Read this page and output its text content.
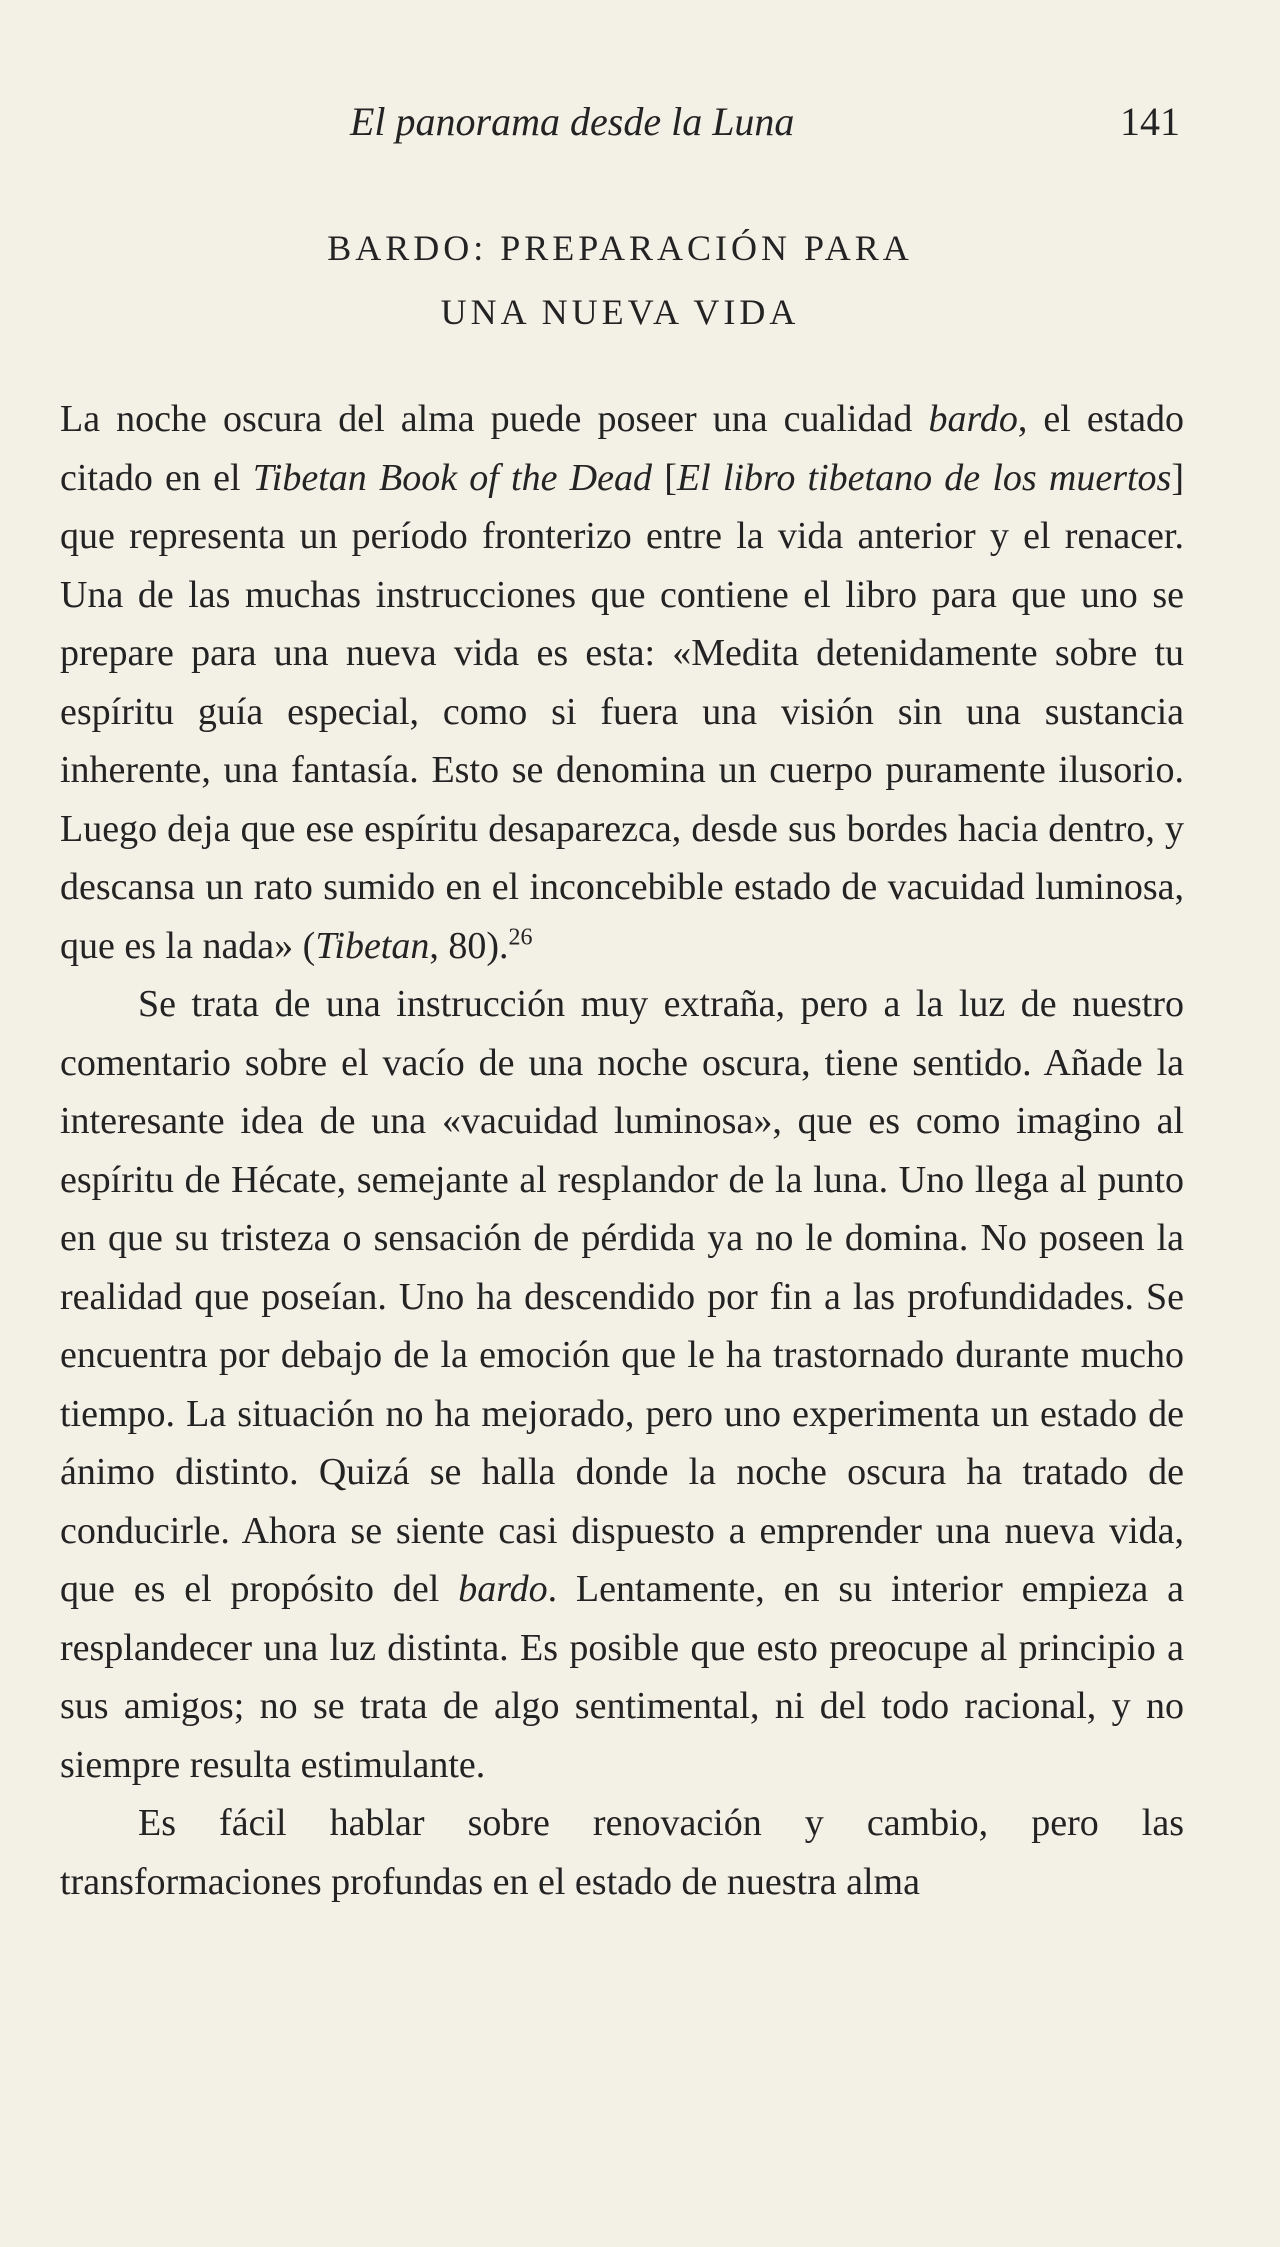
El panorama desde la Luna	141
BARDO: PREPARACIÓN PARA
UNA NUEVA VIDA

La noche oscura del alma puede poseer una cualidad bardo, el estado citado en el Tibetan Book of the Dead [El libro tibetano de los muertos] que representa un período fronterizo entre la vida anterior y el renacer. Una de las muchas instrucciones que contiene el libro para que uno se prepare para una nueva vida es esta: «Medita detenidamente sobre tu espíritu guía especial, como si fuera una visión sin una sustancia inherente, una fantasía. Esto se denomina un cuerpo puramente ilusorio. Luego deja que ese espíritu desaparezca, desde sus bordes hacia dentro, y descansa un rato sumido en el inconcebible estado de vacuidad luminosa, que es la nada» (Tibetan, 80).$^{26}$

Se trata de una instrucción muy extraña, pero a la luz de nuestro comentario sobre el vacío de una noche oscura, tiene sentido. Añade la interesante idea de una «vacuidad luminosa», que es como imagino al espíritu de Hécate, semejante al resplandor de la luna. Uno llega al punto en que su tristeza o sensación de pérdida ya no le domina. No poseen la realidad que poseían. Uno ha descendido por fin a las profundidades. Se encuentra por debajo de la emoción que le ha trastornado durante mucho tiempo. La situación no ha mejorado, pero uno experimenta un estado de ánimo distinto. Quizá se halla donde la noche oscura ha tratado de conducirle. Ahora se siente casi dispuesto a emprender una nueva vida, que es el propósito del bardo. Lentamente, en su interior empieza a resplandecer una luz distinta. Es posible que esto preocupe al principio a sus amigos; no se trata de algo sentimental, ni del todo racional, y no siempre resulta estimulante.

Es fácil hablar sobre renovación y cambio, pero las transformaciones profundas en el estado de nuestra alma
